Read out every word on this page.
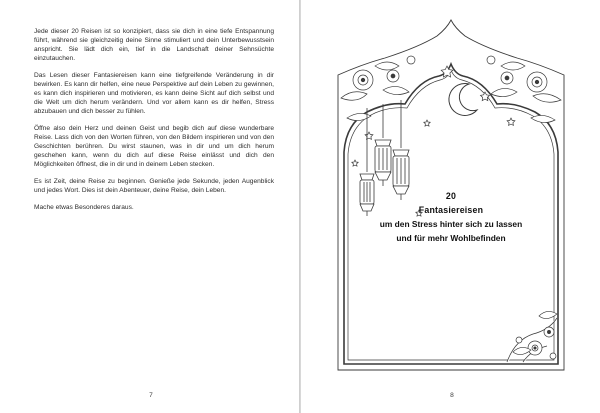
Jede dieser 20 Reisen ist so konzipiert, dass sie dich in eine tiefe Entspannung führt, während sie gleichzeitig deine Sinne stimuliert und dein Unterbewusstsein anspricht. Sie lädt dich ein, tief in die Landschaft deiner Sehnsüchte einzutauchen.

Das Lesen dieser Fantasiereisen kann eine tiefgreifende Veränderung in dir bewirken. Es kann dir helfen, eine neue Perspektive auf dein Leben zu gewinnen, es kann dich inspirieren und motivieren, es kann deine Sicht auf dich selbst und die Welt um dich herum verändern. Und vor allem kann es dir helfen, Stress abzubauen und dich besser zu fühlen.

Öffne also dein Herz und deinen Geist und begib dich auf diese wunderbare Reise. Lass dich von den Worten führen, von den Bildern inspirieren und von den Geschichten berühren. Du wirst staunen, was in dir und um dich herum geschehen kann, wenn du dich auf diese Reise einlässt und dich den Möglichkeiten öffnest, die in dir und in deinem Leben stecken.

Es ist Zeit, deine Reise zu beginnen. Genieße jede Sekunde, jeden Augenblick und jedes Wort. Dies ist dein Abenteuer, deine Reise, dein Leben.

Mache etwas Besonderes daraus.

7
20
Fantasiereisen
um den Stress hinter sich zu lassen
und für mehr Wohlbefinden
8
